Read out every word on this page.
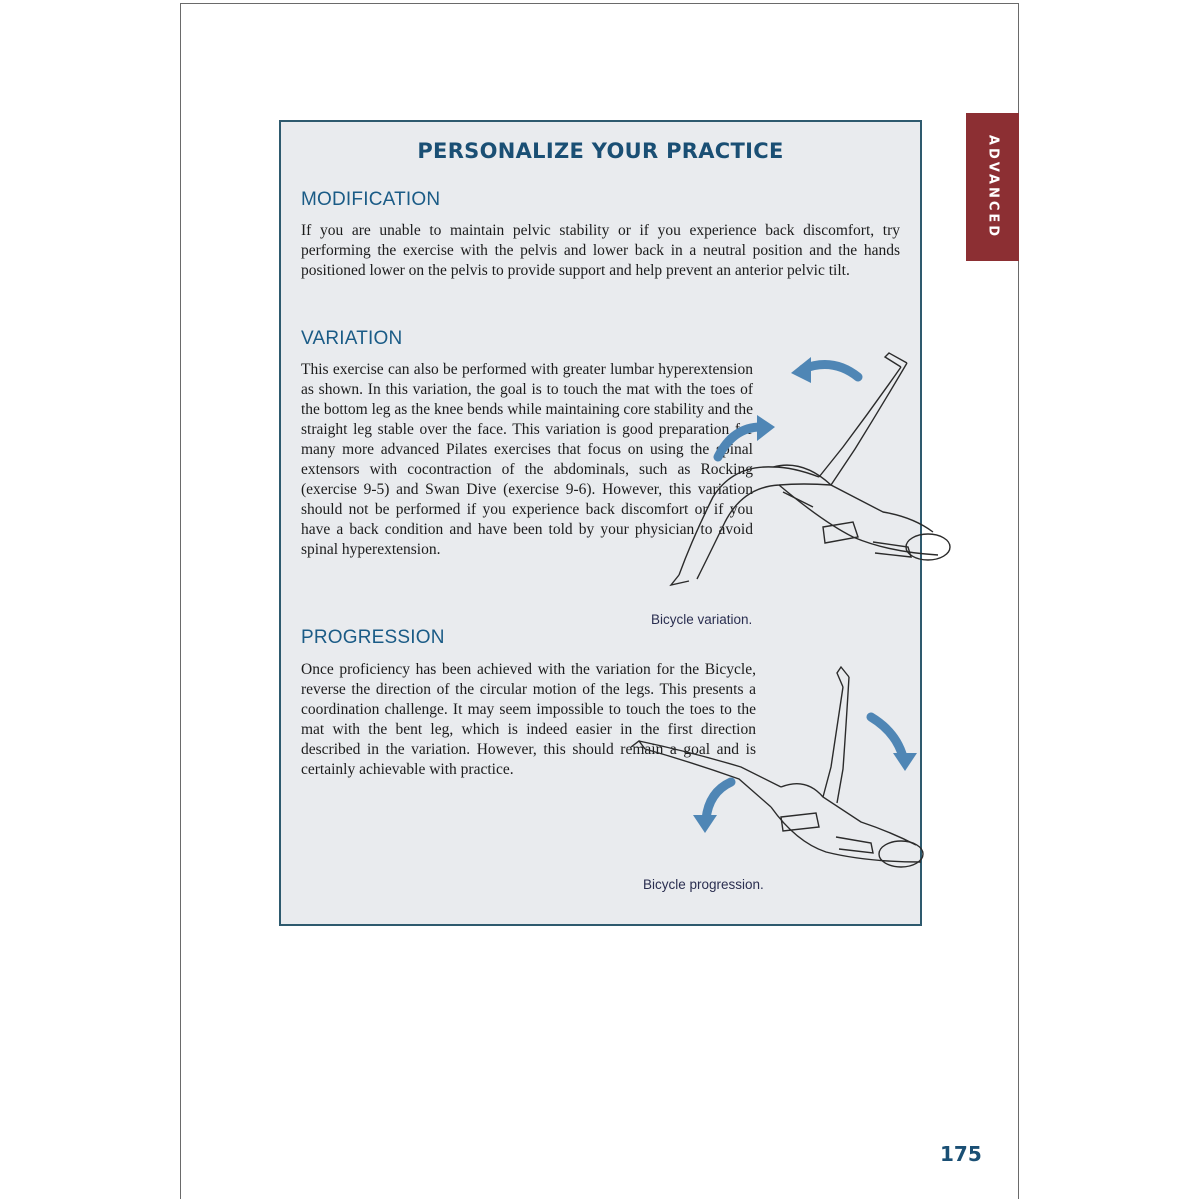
ADVANCED
PERSONALIZE YOUR PRACTICE
MODIFICATION
If you are unable to maintain pelvic stability or if you experience back discomfort, try performing the exercise with the pelvis and lower back in a neutral position and the hands positioned lower on the pelvis to provide support and help prevent an anterior pelvic tilt.
VARIATION
This exercise can also be performed with greater lumbar hyperextension as shown. In this variation, the goal is to touch the mat with the toes of the bottom leg as the knee bends while maintaining core stability and the straight leg stable over the face. This variation is good preparation for many more advanced Pilates exercises that focus on using the spinal extensors with cocontraction of the abdominals, such as Rocking (exercise 9-5) and Swan Dive (exercise 9-6). However, this variation should not be performed if you experience back discomfort or if you have a back condition and have been told by your physician to avoid spinal hyperextension.
Bicycle variation.
PROGRESSION
Once proficiency has been achieved with the variation for the Bicycle, reverse the direction of the circular motion of the legs. This presents a coordination challenge. It may seem impossible to touch the toes to the mat with the bent leg, which is indeed easier in the first direction described in the variation. However, this should remain a goal and is certainly achievable with practice.
Bicycle progression.
175
